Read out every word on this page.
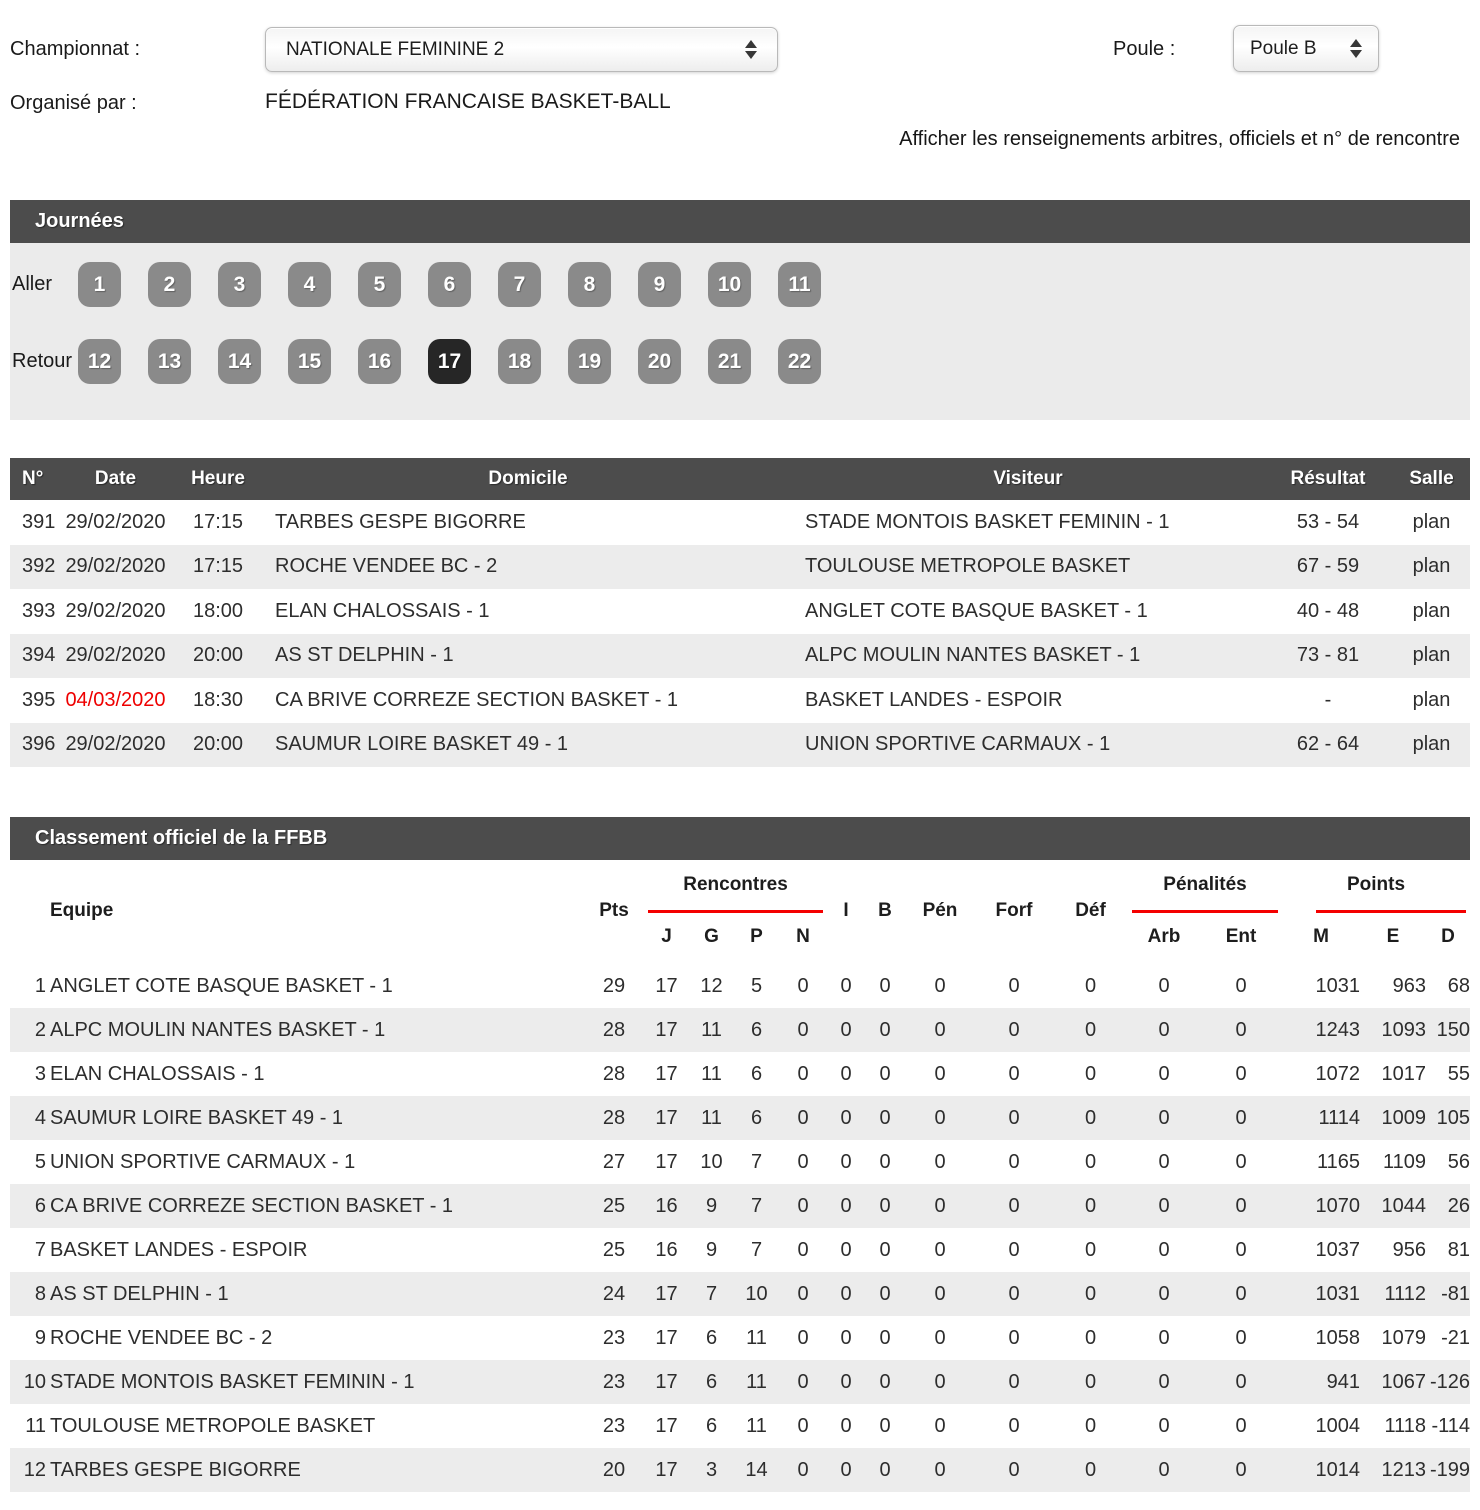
Championnat :	NATIONALE FEMININE 2	Poule :	Poule B
Organisé par :	FÉDÉRATION FRANCAISE BASKET-BALL
Afficher les renseignements arbitres, officiels et n° de rencontre
Journées
Aller	1	2	3	4	5	6	7	8	9	10	11
Retour 12	13	14	15	16	17	18	19	20	21	22
N°	Date	Heure	Domicile	Visiteur	Résultat	Salle
391 29/02/2020	17:15	TARBES GESPE BIGORRE	STADE MONTOIS BASKET FEMININ - 1	53 - 54	plan
392 29/02/2020	17:15	ROCHE VENDEE BC - 2	TOULOUSE METROPOLE BASKET	67 - 59	plan
393 29/02/2020	18:00	ELAN CHALOSSAIS - 1	ANGLET COTE BASQUE BASKET - 1	40 - 48	plan
394 29/02/2020	20:00	AS ST DELPHIN - 1	ALPC MOULIN NANTES BASKET - 1	73 - 81	plan
395 04/03/2020	18:30	CA BRIVE CORREZE SECTION BASKET - 1	BASKET LANDES - ESPOIR	-	plan
396 29/02/2020	20:00	SAUMUR LOIRE BASKET 49 - 1	UNION SPORTIVE CARMAUX - 1	62 - 64	plan
Classement officiel de la FFBB
Rencontres	Pénalités	Points
Equipe	Pts	I	B	Pén	Forf	Déf
J	G	P	N	Arb	Ent	M	E	D
1 ANGLET COTE BASQUE BASKET - 1	29	17	12	5	0	0	0	0	0	0	0	0	1031	963	68
2 ALPC MOULIN NANTES BASKET - 1	28	17	11	6	0	0	0	0	0	0	0	0	1243	1093 150
3 ELAN CHALOSSAIS - 1	28	17	11	6	0	0	0	0	0	0	0	0	1072	1017	55
4 SAUMUR LOIRE BASKET 49 - 1	28	17	11	6	0	0	0	0	0	0	0	0	1114	1009 105
5 UNION SPORTIVE CARMAUX - 1	27	17	10	7	0	0	0	0	0	0	0	0	1165	1109	56
6 CA BRIVE CORREZE SECTION BASKET - 1	25	16	9	7	0	0	0	0	0	0	0	0	1070	1044	26
7 BASKET LANDES - ESPOIR	25	16	9	7	0	0	0	0	0	0	0	0	1037	956	81
8 AS ST DELPHIN - 1	24	17	7	10	0	0	0	0	0	0	0	0	1031	1112 -81
9 ROCHE VENDEE BC - 2	23	17	6	11	0	0	0	0	0	0	0	0	1058	1079 -21
10 STADE MONTOIS BASKET FEMININ - 1	23	17	6	11	0	0	0	0	0	0	0	0	941	1067 -126
11 TOULOUSE METROPOLE BASKET	23	17	6	11	0	0	0	0	0	0	0	0	1004	1118 -114
12 TARBES GESPE BIGORRE	20	17	3	14	0	0	0	0	0	0	0	0	1014	1213 -199
